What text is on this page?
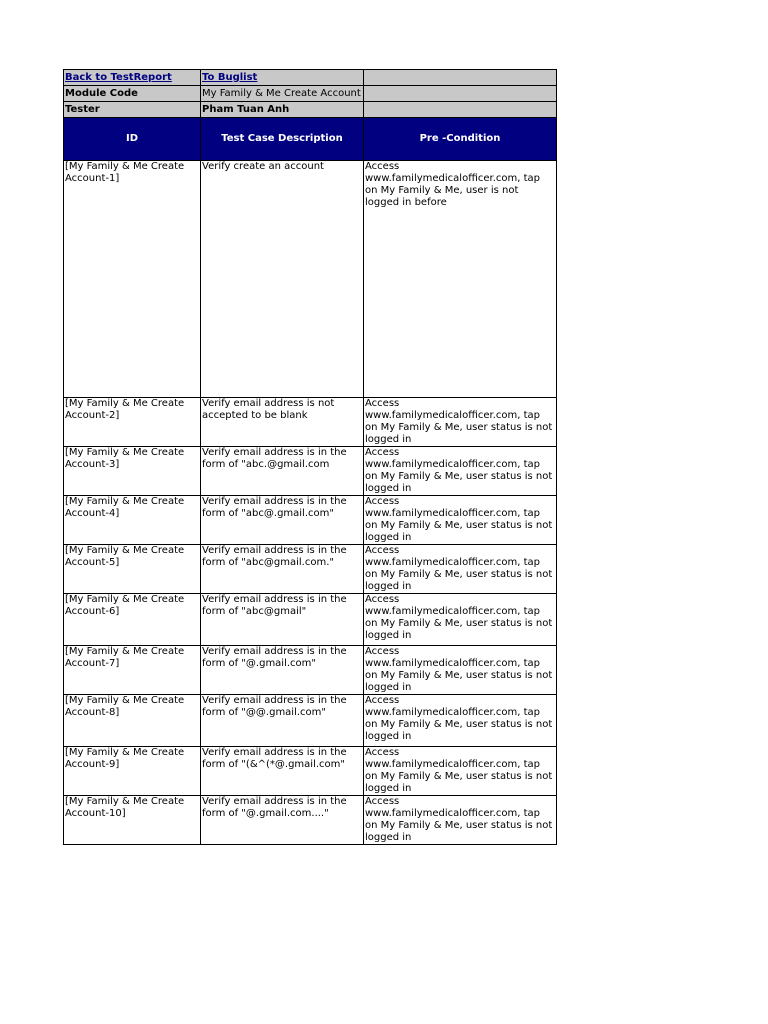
Back to TestReport	To Buglist	
Module Code	My Family & Me Create Account	
Tester	Pham Tuan Anh	
ID	Test Case Description	Pre -Condition
[My Family & Me Create Account-1]	Verify create an account	Access www.familymedicalofficer.com, tap on My Family & Me, user is not logged in before
[My Family & Me Create Account-2]	Verify email address is not accepted to be blank	Access www.familymedicalofficer.com, tap on My Family & Me, user status is not logged in
[My Family & Me Create Account-3]	Verify email address is in the form of "abc.@gmail.com	Access www.familymedicalofficer.com, tap on My Family & Me, user status is not logged in
[My Family & Me Create Account-4]	Verify email address is in the form of "abc@.gmail.com"	Access www.familymedicalofficer.com, tap on My Family & Me, user status is not logged in
[My Family & Me Create Account-5]	Verify email address is in the form of "abc@gmail.com."	Access www.familymedicalofficer.com, tap on My Family & Me, user status is not logged in
[My Family & Me Create Account-6]	Verify email address is in the form of "abc@gmail"	Access www.familymedicalofficer.com, tap on My Family & Me, user status is not logged in
[My Family & Me Create Account-7]	Verify email address is in the form of "@.gmail.com"	Access www.familymedicalofficer.com, tap on My Family & Me, user status is not logged in
[My Family & Me Create Account-8]	Verify email address is in the form of "@@.gmail.com"	Access www.familymedicalofficer.com, tap on My Family & Me, user status is not logged in
[My Family & Me Create Account-9]	Verify email address is in the form of "(&^(*@.gmail.com"	Access www.familymedicalofficer.com, tap on My Family & Me, user status is not logged in
[My Family & Me Create Account-10]	Verify email address is in the form of "@.gmail.com...."	Access www.familymedicalofficer.com, tap on My Family & Me, user status is not logged in
